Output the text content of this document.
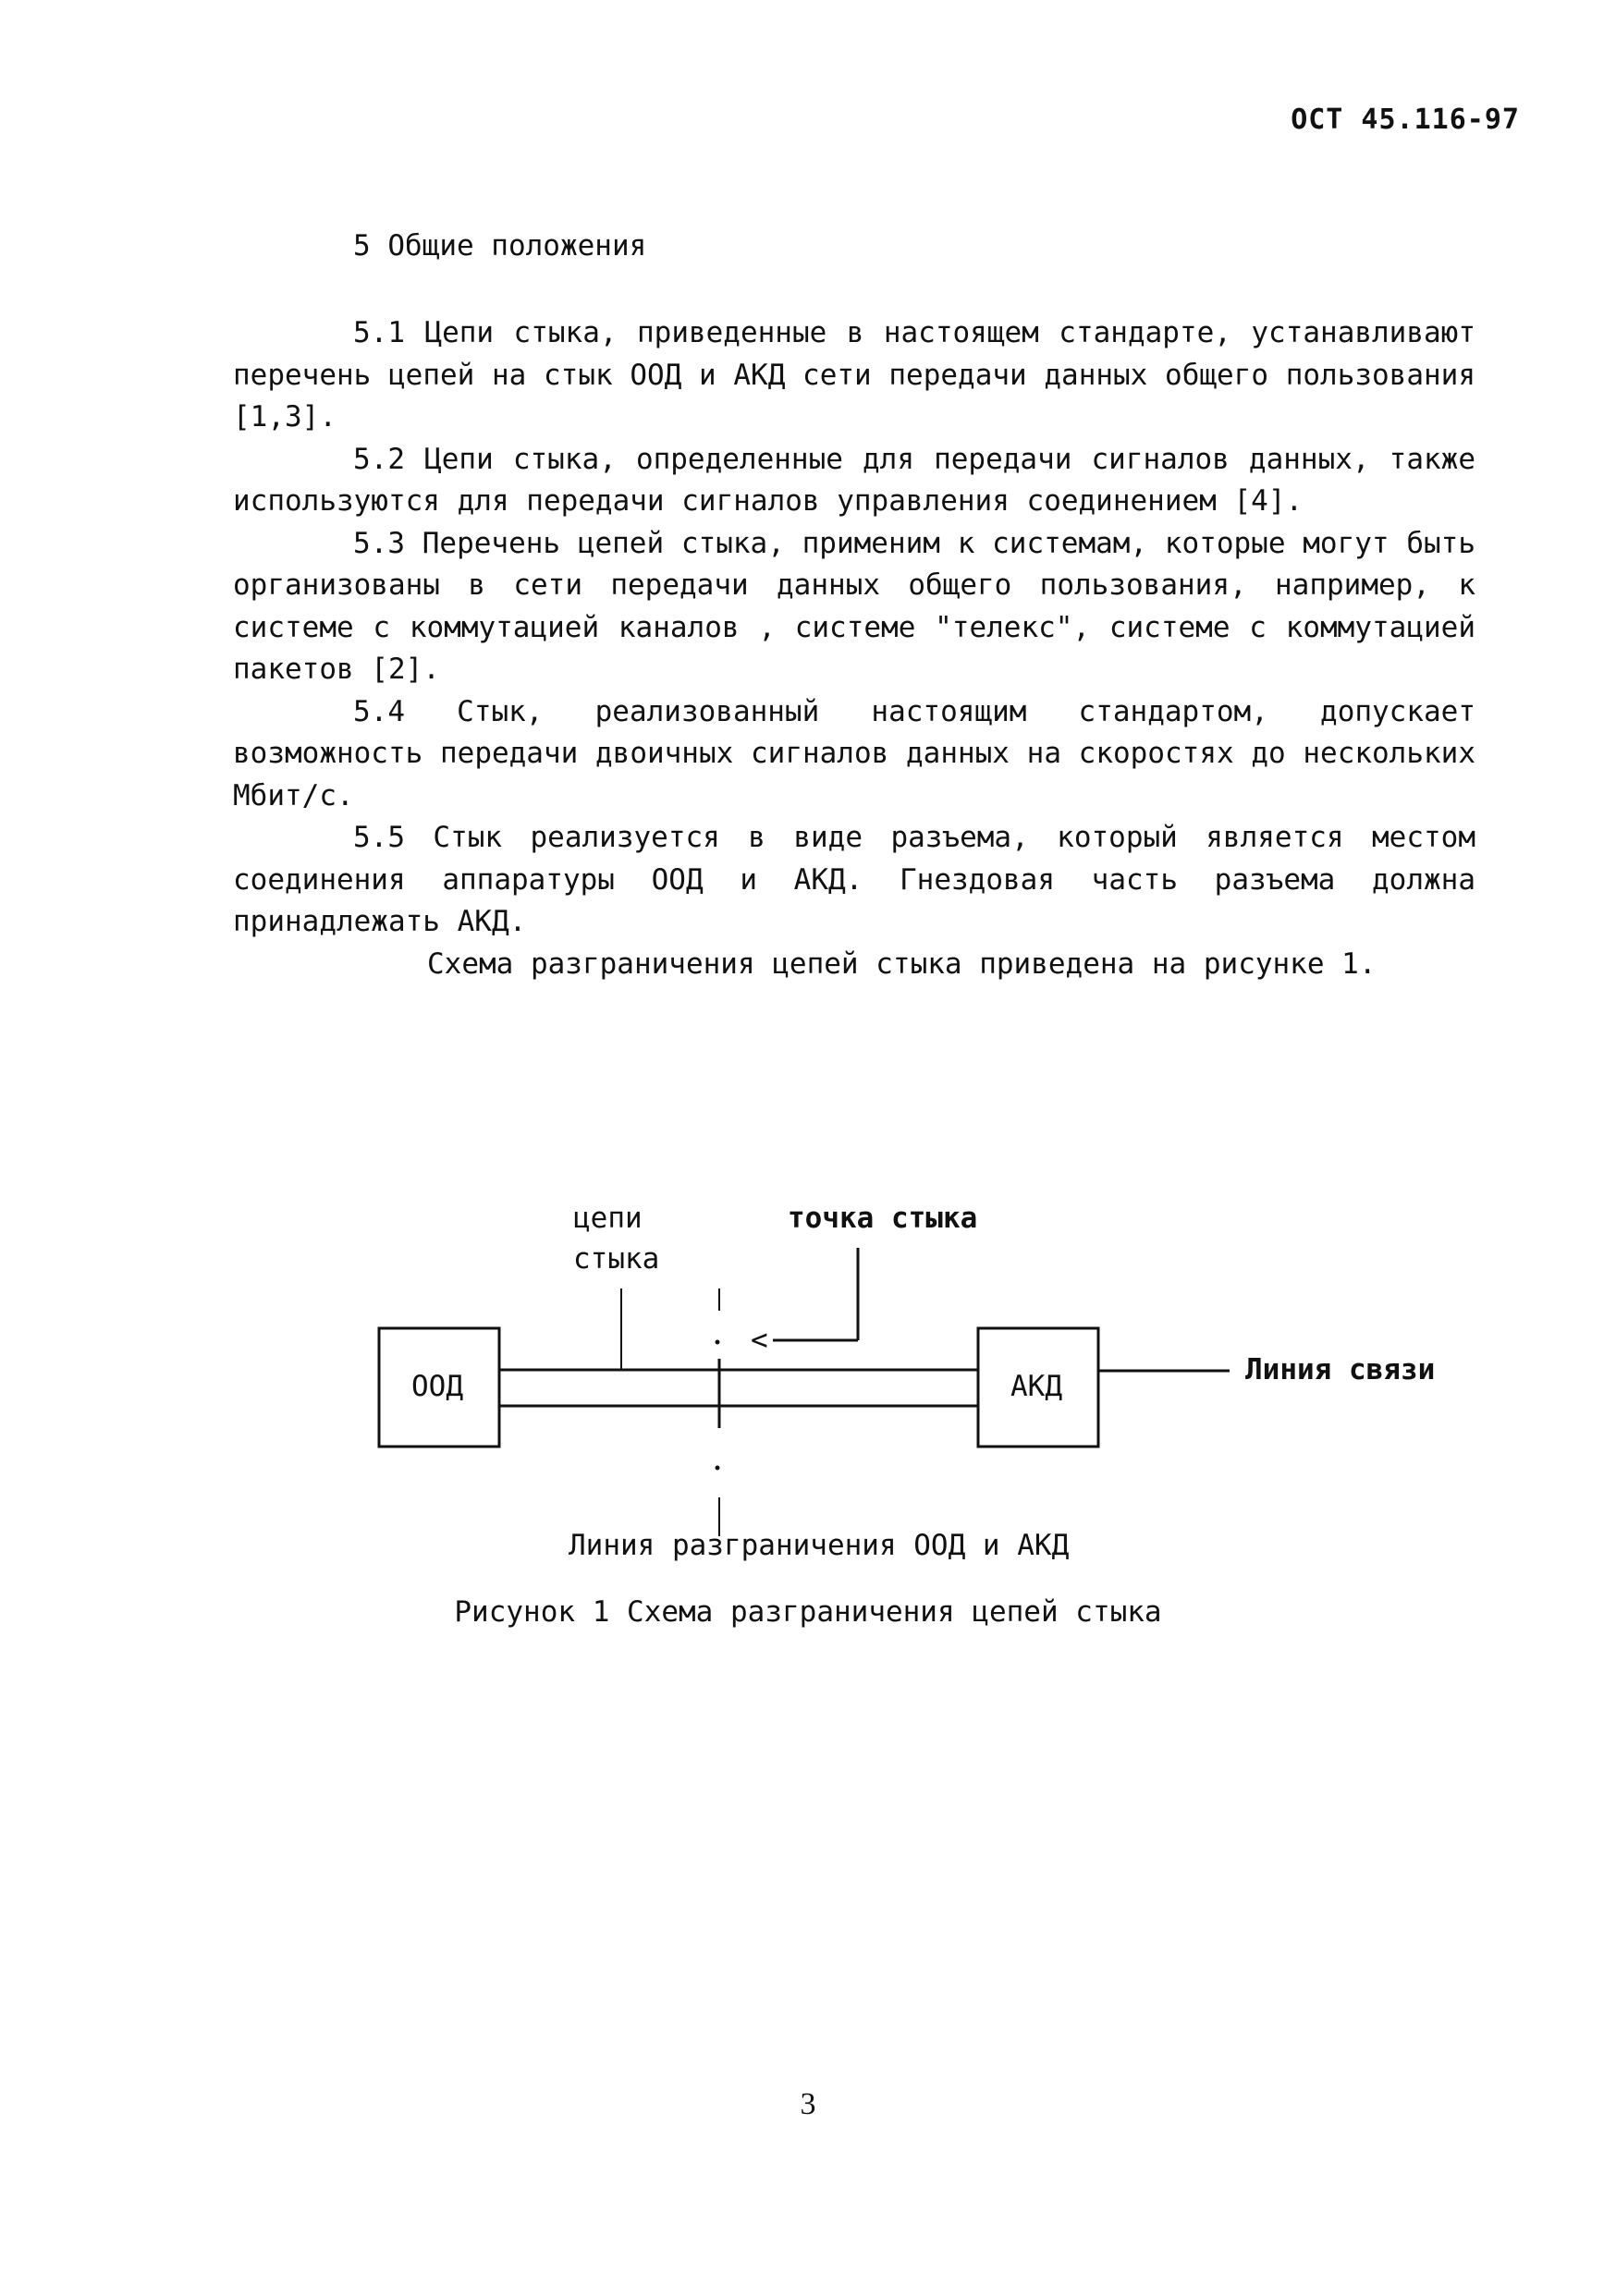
ОСТ 45.116-97
5 Общие положения

5.1 Цепи стыка, приведенные в настоящем стандарте, устанавливают перечень цепей на стык ООД и АКД сети передачи данных общего пользования [1,3].

5.2 Цепи стыка, определенные для передачи сигналов данных, также используются для передачи сигналов управления соединением [4].

5.3 Перечень цепей стыка, применим к системам, которые могут быть организованы в сети передачи данных общего пользования, например, к системе с коммутацией каналов , системе "телекс", системе с коммутацией пакетов [2].

5.4 Стык, реализованный настоящим стандартом, допускает возможность передачи двоичных сигналов данных на скоростях до нескольких Мбит/с.

5.5 Стык реализуется в виде разъема, который является местом соединения аппаратуры ООД и АКД. Гнездовая часть разъема должна принадлежать АКД.

Схема разграничения цепей стыка приведена на рисунке 1.

цепи
стыка
точка стыка
<
ООД	АКД	Линия связи
Линия разграничения ООД и АКД
Рисунок 1 Схема разграничения цепей стыка
3
